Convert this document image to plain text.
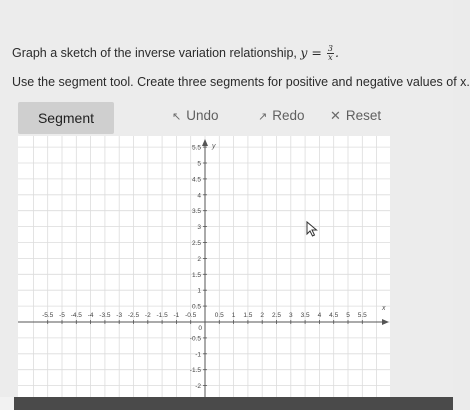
Graph a sketch of the inverse variation relationship, $y = \frac{3}{x}$ .
Use the segment tool. Create three segments for positive and negative values of x.
Segment	↖ Undo	↗ Redo ✕ Reset
x
y
-5.5 -5 -4.5 -4 -3.5 -3 -2.5 -2 -1.5 -1 -0.5	0.5 1 1.5 2 2.5 3 3.5 4 4.5 5 5.5
5.5
5
4.5
4
3.5
3
2.5
2
1.5
1
0.5
-0.5
-1
-1.5
-2
0
